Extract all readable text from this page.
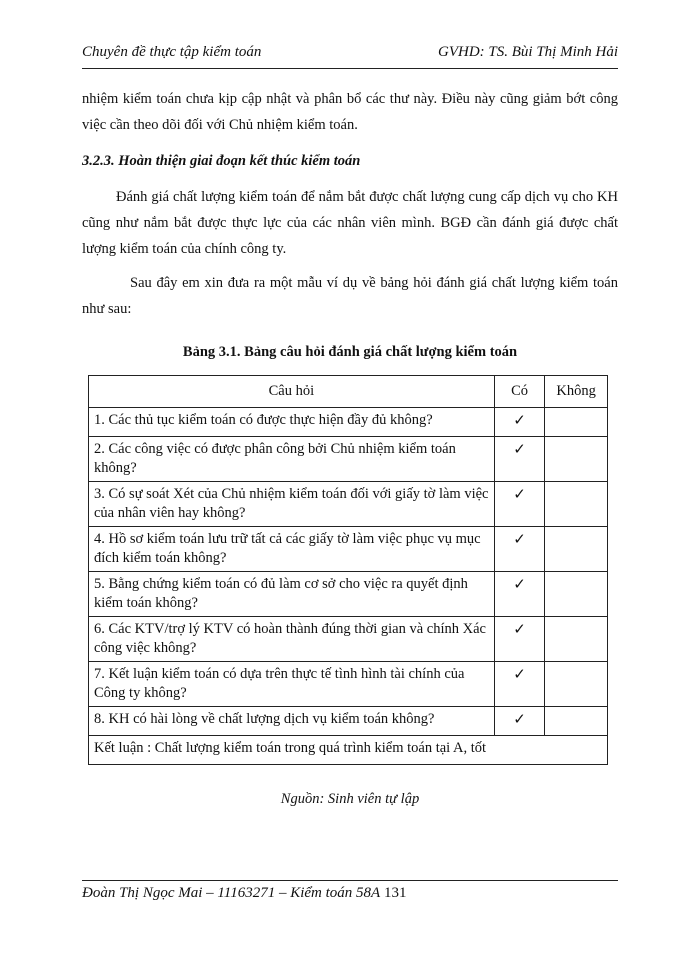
Chuyên đề thực tập kiểm toán	GVHD: TS. Bùi Thị Minh Hải

nhiệm kiểm toán chưa kịp cập nhật và phân bổ các thư này. Điều này cũng giảm bớt công việc cần theo dõi đối với Chủ nhiệm kiểm toán.

3.2.3. Hoàn thiện giai đoạn kết thúc kiểm toán

Đánh giá chất lượng kiểm toán để nắm bắt được chất lượng cung cấp dịch vụ cho KH cũng như nắm bắt được thực lực của các nhân viên mình. BGĐ cần đánh giá được chất lượng kiểm toán của chính công ty.

Sau đây em xin đưa ra một mẫu ví dụ về bảng hỏi đánh giá chất lượng kiểm toán như sau:

Bảng 3.1. Bảng câu hỏi đánh giá chất lượng kiểm toán
Câu hỏi	Có	Không
1. Các thủ tục kiểm toán có được thực hiện đầy đủ không?	✓	
2. Các công việc có được phân công bởi Chủ nhiệm kiểm toán không?	✓	
3. Có sự soát Xét của Chủ nhiệm kiểm toán đối với giấy tờ làm việc của nhân viên hay không?	✓	
4. Hồ sơ kiểm toán lưu trữ tất cả các giấy tờ làm việc phục vụ mục đích kiểm toán không?	✓	
5. Bằng chứng kiểm toán có đủ làm cơ sở cho việc ra quyết định kiểm toán không?	✓	
6. Các KTV/trợ lý KTV có hoàn thành đúng thời gian và chính Xác công việc không?	✓	
7. Kết luận kiểm toán có dựa trên thực tế tình hình tài chính của Công ty không?	✓	
8. KH có hài lòng về chất lượng dịch vụ kiểm toán không?	✓	
Kết luận : Chất lượng kiểm toán trong quá trình kiểm toán tại A, tốt		
Nguồn: Sinh viên tự lập
Đoàn Thị Ngọc Mai – 11163271 – Kiểm toán 58A 131
